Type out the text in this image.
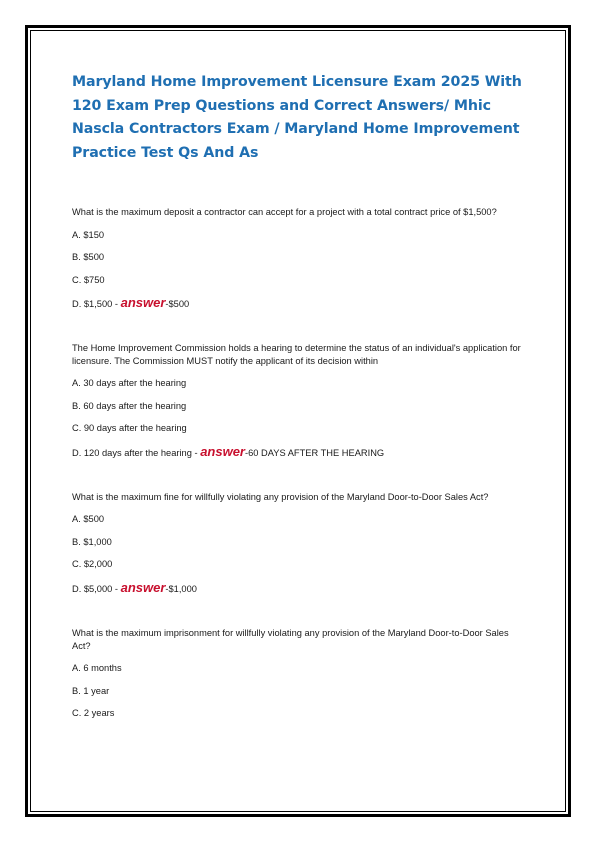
Maryland Home Improvement Licensure Exam 2025 With 120 Exam Prep Questions and Correct Answers/ Mhic Nascla Contractors Exam / Maryland Home Improvement Practice Test Qs And As

What is the maximum deposit a contractor can accept for a project with a total contract price of $1,500?

A. $150

B. $500

C. $750

D. $1,500 - answer-$500

The Home Improvement Commission holds a hearing to determine the status of an individual's application for licensure. The Commission MUST notify the applicant of its decision within

A. 30 days after the hearing

B. 60 days after the hearing

C. 90 days after the hearing

D. 120 days after the hearing - answer-60 DAYS AFTER THE HEARING

What is the maximum fine for willfully violating any provision of the Maryland Door-to-Door Sales Act?

A. $500

B. $1,000

C. $2,000

D. $5,000 - answer-$1,000

What is the maximum imprisonment for willfully violating any provision of the Maryland Door-to-Door Sales Act?

A. 6 months

B. 1 year

C. 2 years
